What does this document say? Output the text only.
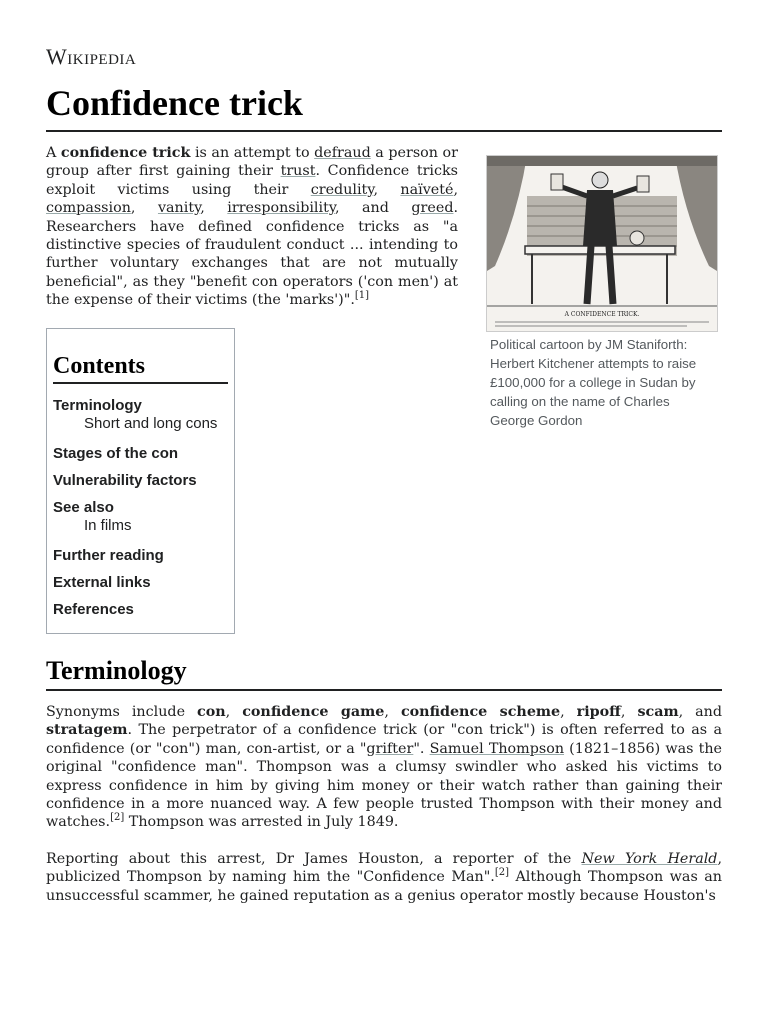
Wikipedia
Confidence trick

A confidence trick is an attempt to defraud a person or group after first gaining their trust. Confidence tricks exploit victims using their credulity, naïveté, compassion, vanity, irresponsibility, and greed. Researchers have defined confidence tricks as "a distinctive species of fraudulent conduct ... intending to further voluntary exchanges that are not mutually beneficial", as they "benefit con operators ('con men') at the expense of their victims (the 'marks')".[1]

A CONFIDENCE TRICK.
Political cartoon by JM Staniforth: Herbert Kitchener attempts to raise £100,000 for a college in Sudan by calling on the name of Charles George Gordon
Contents
Terminology
Short and long cons
Stages of the con
Vulnerability factors
See also
In films
Further reading
External links
References
Terminology

Synonyms include con, confidence game, confidence scheme, ripoff, scam, and stratagem. The perpetrator of a confidence trick (or "con trick") is often referred to as a confidence (or "con") man, con-artist, or a "grifter". Samuel Thompson (1821–1856) was the original "confidence man". Thompson was a clumsy swindler who asked his victims to express confidence in him by giving him money or their watch rather than gaining their confidence in a more nuanced way. A few people trusted Thompson with their money and watches.[2] Thompson was arrested in July 1849.

Reporting about this arrest, Dr James Houston, a reporter of the New York Herald, publicized Thompson by naming him the "Confidence Man".[2] Although Thompson was an unsuccessful scammer, he gained reputation as a genius operator mostly because Houston's
